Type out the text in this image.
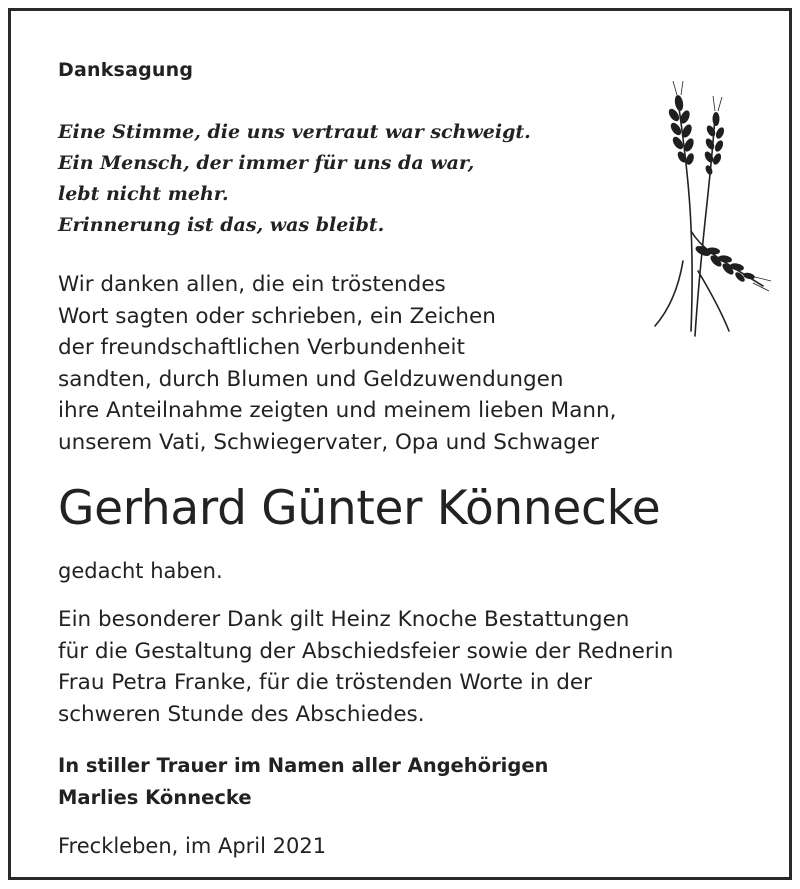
Danksagung
Eine Stimme, die uns vertraut war schweigt.
Ein Mensch, der immer für uns da war,
lebt nicht mehr.
Erinnerung ist das, was bleibt.
Wir danken allen, die ein tröstendes
Wort sagten oder schrieben, ein Zeichen
der freundschaftlichen Verbundenheit
sandten, durch Blumen und Geldzuwendungen
ihre Anteilnahme zeigten und meinem lieben Mann,
unserem Vati, Schwiegervater, Opa und Schwager
Gerhard Günter Könnecke
gedacht haben.
Ein besonderer Dank gilt Heinz Knoche Bestattungen
für die Gestaltung der Abschiedsfeier sowie der Rednerin
Frau Petra Franke, für die tröstenden Worte in der
schweren Stunde des Abschiedes.
In stiller Trauer im Namen aller Angehörigen
Marlies Könnecke
Freckleben, im April 2021
